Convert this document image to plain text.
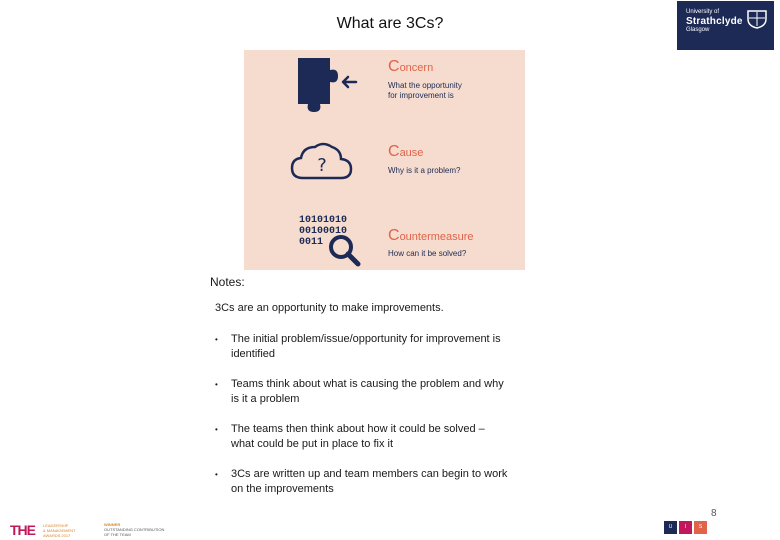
What are 3Cs?
University of
Strathclyde
Glasgow
Concern
What the opportunity
for improvement is
?
Cause
Why is it a problem?
10101010
00100010
0011	Countermeasure
How can it be solved?
Notes:
3Cs are an opportunity to make improvements.
• The initial problem/issue/opportunity for improvement is
identified
• Teams think about what is causing the problem and why
is it a problem
• The teams then think about how it could be solved –
what could be put in place to fix it
• 3Cs are written up and team members can begin to work
on the improvements
8
THE LEADERSHIP
& MANAGEMENT
AWARDS 2017
WINNER
OUTSTANDING CONTRIBUTION
OF THE TEAM
U	I	S
